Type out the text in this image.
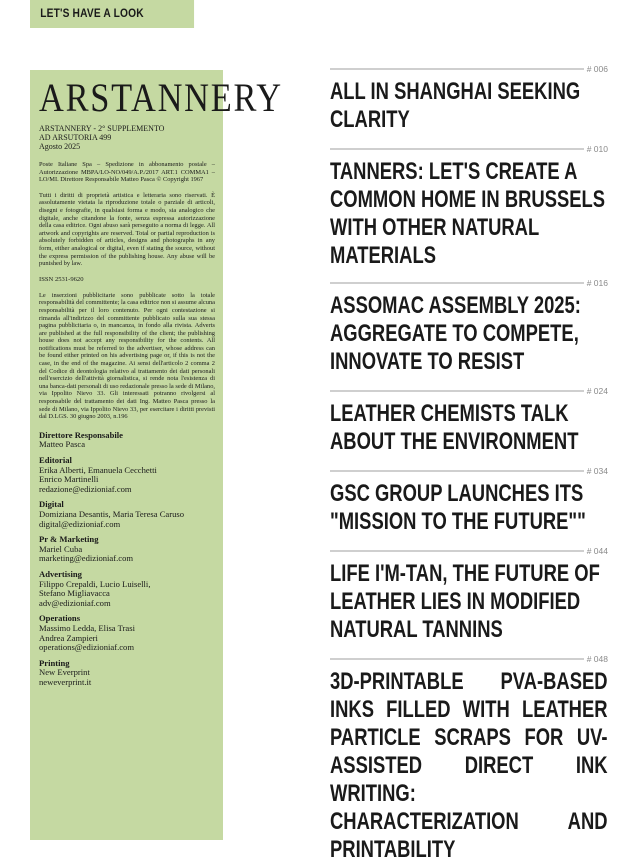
LET'S HAVE A LOOK
ARSTANNERY
ARSTANNERY - 2° SUPPLEMENTO
AD ARSUTORIA 499
Agosto 2025

Poste Italiane Spa – Spedizione in abbonamento postale – Autorizzazione MBPA/LO-NO/049/A.P./2017 ART.1 COMMA1 – LO/MI. Direttore Responsabile Matteo Pasca © Copyright 1967

Tutti i diritti di proprietà artistica e letteraria sono riservati. È assolutamente vietata la riproduzione totale o parziale di articoli, disegni e fotografie, in qualsiasi forma e modo, sia analogico che digitale, anche citandone la fonte, senza espressa autorizzazione della casa editrice. Ogni abuso sarà perseguito a norma di legge. All artwork and copyrights are reserved. Total or partial reproduction is absolutely forbidden of articles, designs and photographs in any form, either analogical or digital, even if stating the source, without the express permission of the publishing house. Any abuse will be punished by law.

ISSN 2531-9620

Le inserzioni pubblicitarie sono pubblicate sotto la totale responsabilità del committente; la casa editrice non si assume alcuna responsabilità per il loro contenuto. Per ogni contestazione si rimanda all'indirizzo del committente pubblicato sulla sua stessa pagina pubblicitaria o, in mancanza, in fondo alla rivista. Adverts are published at the full responsibility of the client; the publishing house does not accept any responsibility for the contents. All notifications must be referred to the advertiser, whose address can be found either printed on his advertising page or, if this is not the case, in the end of the magazine. Ai sensi dell'articolo 2 comma 2 del Codice di deontologia relativo al trattamento dei dati personali nell'esercizio dell'attività giornalistica, si rende nota l'esistenza di una banca-dati personali di uso redazionale presso la sede di Milano, via Ippolito Nievo 33. Gli interessati potranno rivolgersi al responsabile del trattamento dei dati Ing. Matteo Pasca presso la sede di Milano, via Ippolito Nievo 33, per esercitare i diritti previsti dal D.LGS. 30 giugno 2003, n.196

Direttore Responsabile
Matteo Pasca
Editorial
Erika Alberti, Emanuela Cecchetti
Enrico Martinelli
redazione@edizioniaf.com
Digital
Domiziana Desantis, Maria Teresa Caruso
digital@edizioniaf.com
Pr & Marketing
Mariel Cuba
marketing@edizioniaf.com
Advertising
Filippo Crepaldi, Lucio Luiselli,
Stefano Migliavacca
adv@edizioniaf.com
Operations
Massimo Ledda, Elisa Trasi
Andrea Zampieri
operations@edizioniaf.com
Printing
New Everprint
neweverprint.it
# 006
ALL IN SHANGHAI SEEKING CLARITY
# 010
TANNERS: LET'S CREATE A COMMON HOME IN BRUSSELS WITH OTHER NATURAL MATERIALS
# 016
ASSOMAC ASSEMBLY 2025: AGGREGATE TO COMPETE, INNOVATE TO RESIST
# 024
LEATHER CHEMISTS TALK ABOUT THE ENVIRONMENT
# 034
GSC GROUP LAUNCHES ITS "MISSION TO THE FUTURE""
# 044
LIFE I'M-TAN, THE FUTURE OF LEATHER LIES IN MODIFIED NATURAL TANNINS
# 048
3D-PRINTABLE PVA-BASED INKS FILLED WITH LEATHER PARTICLE SCRAPS FOR UV-ASSISTED DIRECT INK WRITING: CHARACTERIZATION AND PRINTABILITY
